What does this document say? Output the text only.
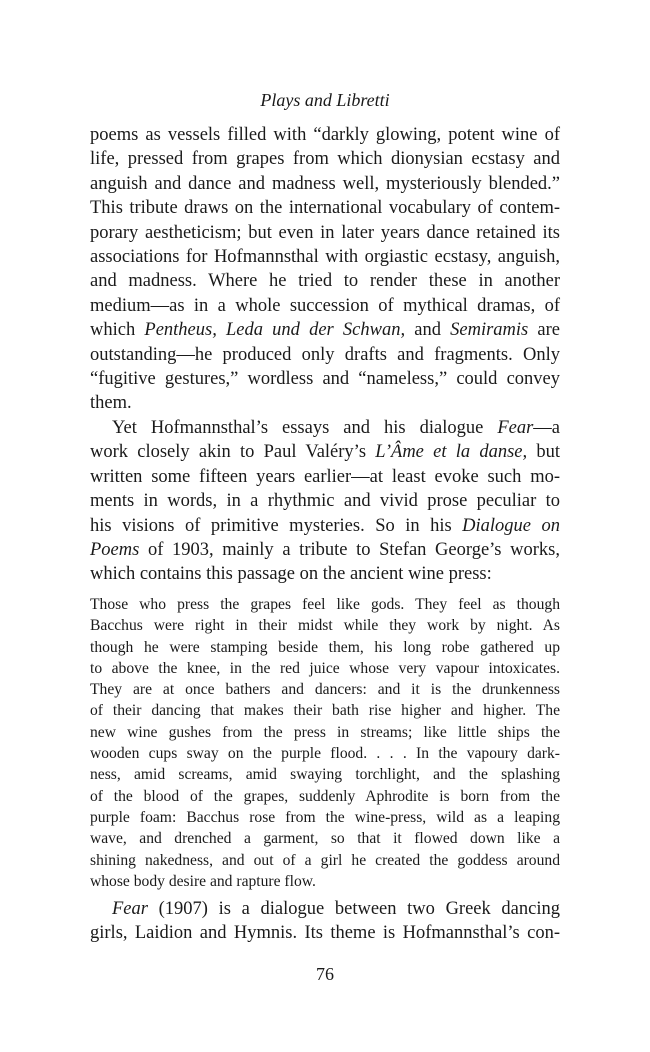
Plays and Libretti
poems as vessels filled with “darkly glowing, potent wine of
life, pressed from grapes from which dionysian ecstasy and
anguish and dance and madness well, mysteriously blended.”
This tribute draws on the international vocabulary of contem-
porary aestheticism; but even in later years dance retained its
associations for Hofmannsthal with orgiastic ecstasy, anguish,
and madness. Where he tried to render these in another
medium—as in a whole succession of mythical dramas, of
which Pentheus, Leda und der Schwan, and Semiramis are
outstanding—he produced only drafts and fragments. Only
“fugitive gestures,” wordless and “nameless,” could convey
them.
Yet Hofmannsthal’s essays and his dialogue Fear—a
work closely akin to Paul Valéry’s L’Âme et la danse, but
written some fifteen years earlier—at least evoke such mo-
ments in words, in a rhythmic and vivid prose peculiar to
his visions of primitive mysteries. So in his Dialogue on
Poems of 1903, mainly a tribute to Stefan George’s works,
which contains this passage on the ancient wine press:
Those who press the grapes feel like gods. They feel as though
Bacchus were right in their midst while they work by night. As
though he were stamping beside them, his long robe gathered up
to above the knee, in the red juice whose very vapour intoxicates.
They are at once bathers and dancers: and it is the drunkenness
of their dancing that makes their bath rise higher and higher. The
new wine gushes from the press in streams; like little ships the
wooden cups sway on the purple flood. . . . In the vapoury dark-
ness, amid screams, amid swaying torchlight, and the splashing
of the blood of the grapes, suddenly Aphrodite is born from the
purple foam: Bacchus rose from the wine-press, wild as a leaping
wave, and drenched a garment, so that it flowed down like a
shining nakedness, and out of a girl he created the goddess around
whose body desire and rapture flow.
Fear (1907) is a dialogue between two Greek dancing
girls, Laidion and Hymnis. Its theme is Hofmannsthal’s con-
76
